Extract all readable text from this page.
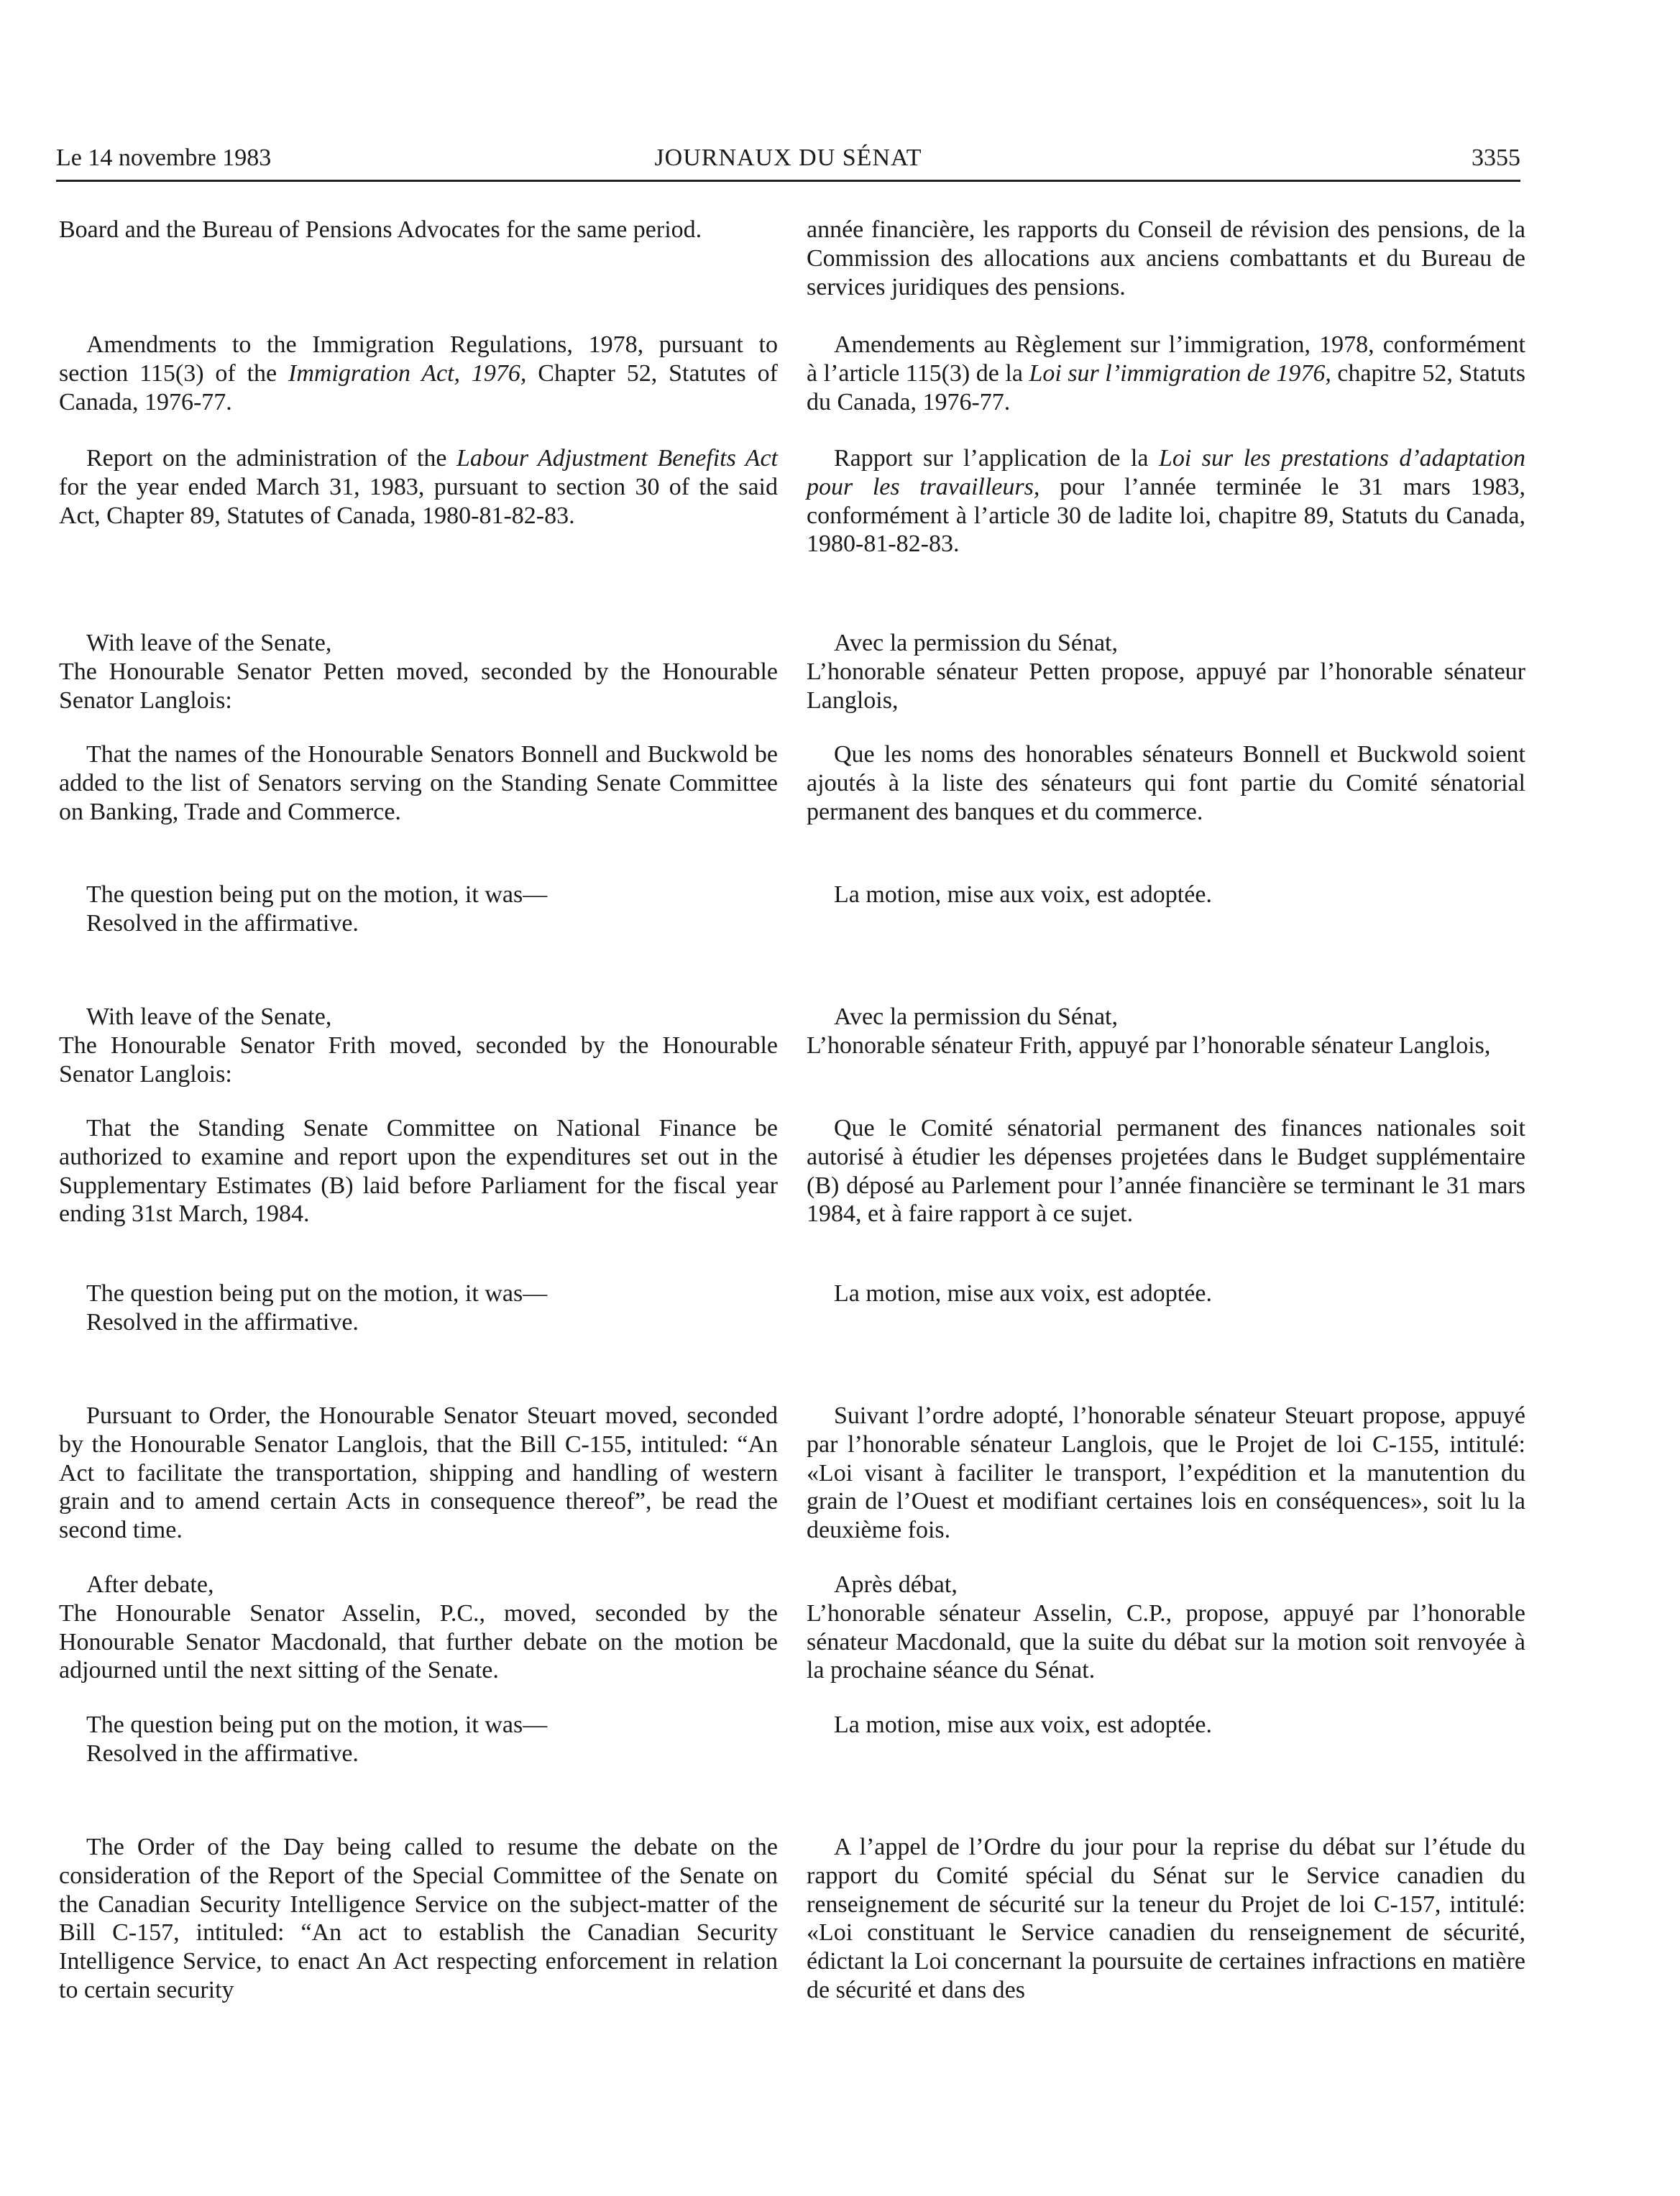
Le 14 novembre 1983	JOURNAUX DU SÉNAT	3355

Board and the Bureau of Pensions Advocates for the same period.

Amendments to the Immigration Regulations, 1978, pursuant to section 115(3) of the Immigration Act, 1976, Chapter 52, Statutes of Canada, 1976-77.

Report on the administration of the Labour Adjustment Benefits Act for the year ended March 31, 1983, pursuant to section 30 of the said Act, Chapter 89, Statutes of Canada, 1980-81-82-83.

With leave of the Senate,
The Honourable Senator Petten moved, seconded by the Honourable Senator Langlois:

That the names of the Honourable Senators Bonnell and Buckwold be added to the list of Senators serving on the Standing Senate Committee on Banking, Trade and Commerce.

The question being put on the motion, it was—
Resolved in the affirmative.

With leave of the Senate,
The Honourable Senator Frith moved, seconded by the Honourable Senator Langlois:

That the Standing Senate Committee on National Finance be authorized to examine and report upon the expenditures set out in the Supplementary Estimates (B) laid before Parliament for the fiscal year ending 31st March, 1984.

The question being put on the motion, it was—
Resolved in the affirmative.

Pursuant to Order, the Honourable Senator Steuart moved, seconded by the Honourable Senator Langlois, that the Bill C-155, intituled: “An Act to facilitate the transportation, shipping and handling of western grain and to amend certain Acts in consequence thereof”, be read the second time.

After debate,
The Honourable Senator Asselin, P.C., moved, seconded by the Honourable Senator Macdonald, that further debate on the motion be adjourned until the next sitting of the Senate.

The question being put on the motion, it was—
Resolved in the affirmative.

The Order of the Day being called to resume the debate on the consideration of the Report of the Special Committee of the Senate on the Canadian Security Intelligence Service on the subject-matter of the Bill C-157, intituled: “An act to establish the Canadian Security Intelligence Service, to enact An Act respecting enforcement in relation to certain security

année financière, les rapports du Conseil de révision des pensions, de la Commission des allocations aux anciens combattants et du Bureau de services juridiques des pensions.

Amendements au Règlement sur l’immigration, 1978, conformément à l’article 115(3) de la Loi sur l’immigration de 1976, chapitre 52, Statuts du Canada, 1976-77.

Rapport sur l’application de la Loi sur les prestations d’adaptation pour les travailleurs, pour l’année terminée le 31 mars 1983, conformément à l’article 30 de ladite loi, chapitre 89, Statuts du Canada, 1980-81-82-83.

Avec la permission du Sénat,
L’honorable sénateur Petten propose, appuyé par l’honorable sénateur Langlois,

Que les noms des honorables sénateurs Bonnell et Buckwold soient ajoutés à la liste des sénateurs qui font partie du Comité sénatorial permanent des banques et du commerce.

La motion, mise aux voix, est adoptée.

Avec la permission du Sénat,
L’honorable sénateur Frith, appuyé par l’honorable sénateur Langlois,

Que le Comité sénatorial permanent des finances nationales soit autorisé à étudier les dépenses projetées dans le Budget supplémentaire (B) déposé au Parlement pour l’année financière se terminant le 31 mars 1984, et à faire rapport à ce sujet.

La motion, mise aux voix, est adoptée.

Suivant l’ordre adopté, l’honorable sénateur Steuart propose, appuyé par l’honorable sénateur Langlois, que le Projet de loi C-155, intitulé: «Loi visant à faciliter le transport, l’expédition et la manutention du grain de l’Ouest et modifiant certaines lois en conséquences», soit lu la deuxième fois.

Après débat,
L’honorable sénateur Asselin, C.P., propose, appuyé par l’honorable sénateur Macdonald, que la suite du débat sur la motion soit renvoyée à la prochaine séance du Sénat.

La motion, mise aux voix, est adoptée.

A l’appel de l’Ordre du jour pour la reprise du débat sur l’étude du rapport du Comité spécial du Sénat sur le Service canadien du renseignement de sécurité sur la teneur du Projet de loi C-157, intitulé: «Loi constituant le Service canadien du renseignement de sécurité, édictant la Loi concernant la poursuite de certaines infractions en matière de sécurité et dans des
